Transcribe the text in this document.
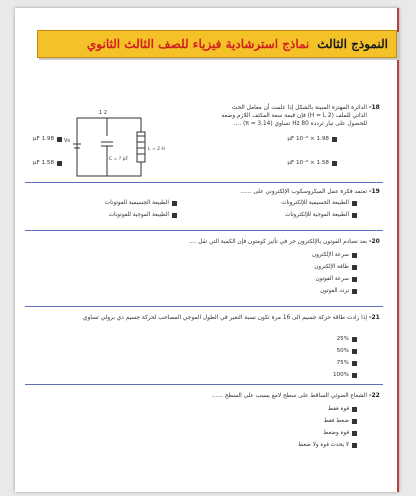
النموذج الثالث
نماذج استرشادية فيزياء للصف الثالث الثانوي
-18
الدائرة المهتزة المبينة بالشكل إذا علمت أن معامل الحث
الذاتي للملف (2 H = L) فإن قيمة سعة المكثف اللازم وضعه
للحصول على تيار تردده Hz 80 تساوي (π = 3.14) ....
1 2
Vs
C = ? μF
L = 2 H
1.98 × 10⁻⁶ μF
1.98 μF
1.58 × 10⁻⁶ μF
1.58 μF
-19
تعتمد فكرة عمل الميكروسكوب الإلكتروني على ......
الطبيعة الجسيمية للإلكترونات
الطبيعة الجسيمية للفوتونات
الطبيعة الموجية للإلكترونات
الطبيعة الموجية للفوتونات
-20
بعد تصادم الفوتون بالإلكترون حر في تأثير كومتون فإن الكمية التي تقل ....
سرعة الإلكترون
طاقة الإلكترون
سرعة الفوتون
تردد الفوتون
-21
إذا زادت طاقة حركة جسيم الى 16 مرة تكون نسبة التغير في الطول الموجي المصاحب لحركة جسيم دي برولي تساوي
25%
50%
75%
100%
-22
الشعاع الضوئي الساقط على سطح لامع يسبب على السطح ......
قوة فقط
ضغط فقط
قوة وضغط
لا يحدث قوة ولا ضغط
